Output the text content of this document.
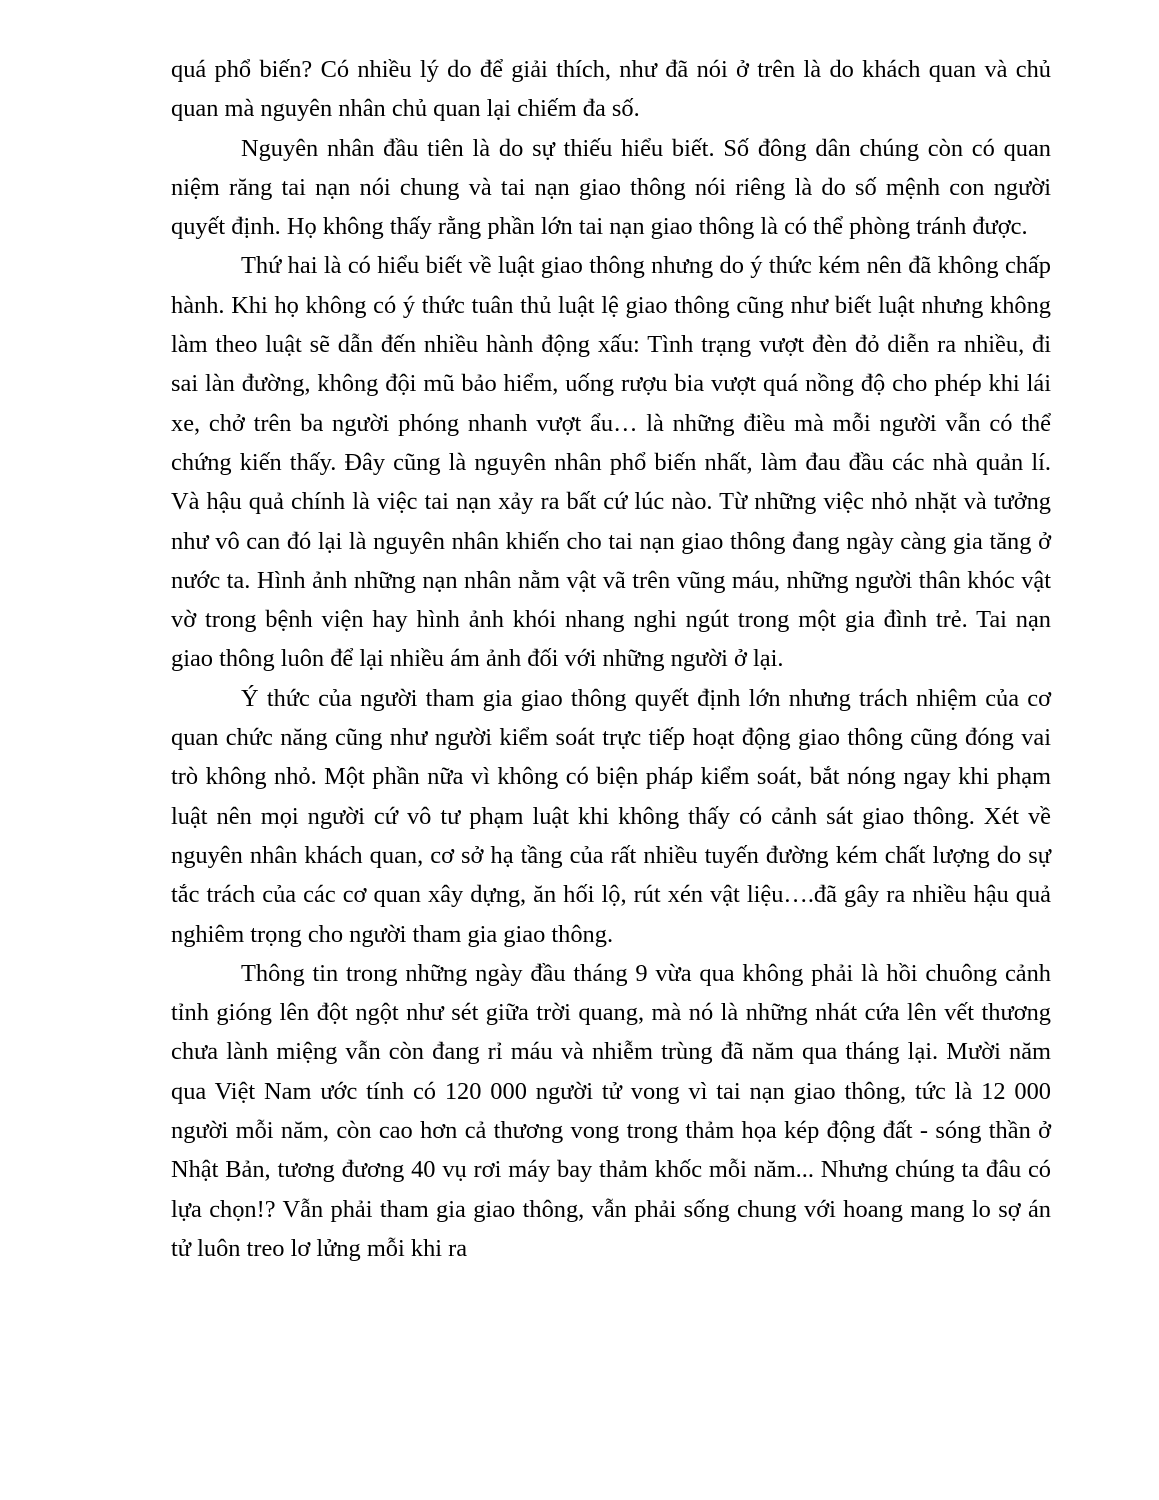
quá phổ biến? Có nhiều lý do để giải thích, như đã nói ở trên là do khách quan và chủ quan mà nguyên nhân chủ quan lại chiếm đa số.

Nguyên nhân đầu tiên là do sự thiếu hiểu biết. Số đông dân chúng còn có quan niệm răng tai nạn nói chung và tai nạn giao thông nói riêng là do số mệnh con người quyết định. Họ không thấy rằng phần lớn tai nạn giao thông là có thể phòng tránh được.

Thứ hai là có hiểu biết về luật giao thông nhưng do ý thức kém nên đã không chấp hành. Khi họ không có ý thức tuân thủ luật lệ giao thông cũng như biết luật nhưng không làm theo luật sẽ dẫn đến nhiều hành động xấu: Tình trạng vượt đèn đỏ diễn ra nhiều, đi sai làn đường, không đội mũ bảo hiểm, uống rượu bia vượt quá nồng độ cho phép khi lái xe, chở trên ba người phóng nhanh vượt ẩu… là những điều mà mỗi người vẫn có thể chứng kiến thấy. Đây cũng là nguyên nhân phổ biến nhất, làm đau đầu các nhà quản lí. Và hậu quả chính là việc tai nạn xảy ra bất cứ lúc nào. Từ những việc nhỏ nhặt và tưởng như vô can đó lại là nguyên nhân khiến cho tai nạn giao thông đang ngày càng gia tăng ở nước ta. Hình ảnh những nạn nhân nằm vật vã trên vũng máu, những người thân khóc vật vờ trong bệnh viện hay hình ảnh khói nhang nghi ngút trong một gia đình trẻ. Tai nạn giao thông luôn để lại nhiều ám ảnh đối với những người ở lại.

Ý thức của người tham gia giao thông quyết định lớn nhưng trách nhiệm của cơ quan chức năng cũng như người kiểm soát trực tiếp hoạt động giao thông cũng đóng vai trò không nhỏ. Một phần nữa vì không có biện pháp kiểm soát, bắt nóng ngay khi phạm luật nên mọi người cứ vô tư phạm luật khi không thấy có cảnh sát giao thông. Xét về nguyên nhân khách quan, cơ sở hạ tầng của rất nhiều tuyến đường kém chất lượng do sự tắc trách của các cơ quan xây dựng, ăn hối lộ, rút xén vật liệu….đã gây ra nhiều hậu quả nghiêm trọng cho người tham gia giao thông.

Thông tin trong những ngày đầu tháng 9 vừa qua không phải là hồi chuông cảnh tỉnh gióng lên đột ngột như sét giữa trời quang, mà nó là những nhát cứa lên vết thương chưa lành miệng vẫn còn đang rỉ máu và nhiễm trùng đã năm qua tháng lại. Mười năm qua Việt Nam ước tính có 120 000 người tử vong vì tai nạn giao thông, tức là 12 000 người mỗi năm, còn cao hơn cả thương vong trong thảm họa kép động đất - sóng thần ở Nhật Bản, tương đương 40 vụ rơi máy bay thảm khốc mỗi năm... Nhưng chúng ta đâu có lựa chọn!? Vẫn phải tham gia giao thông, vẫn phải sống chung với hoang mang lo sợ án tử luôn treo lơ lửng mỗi khi ra
